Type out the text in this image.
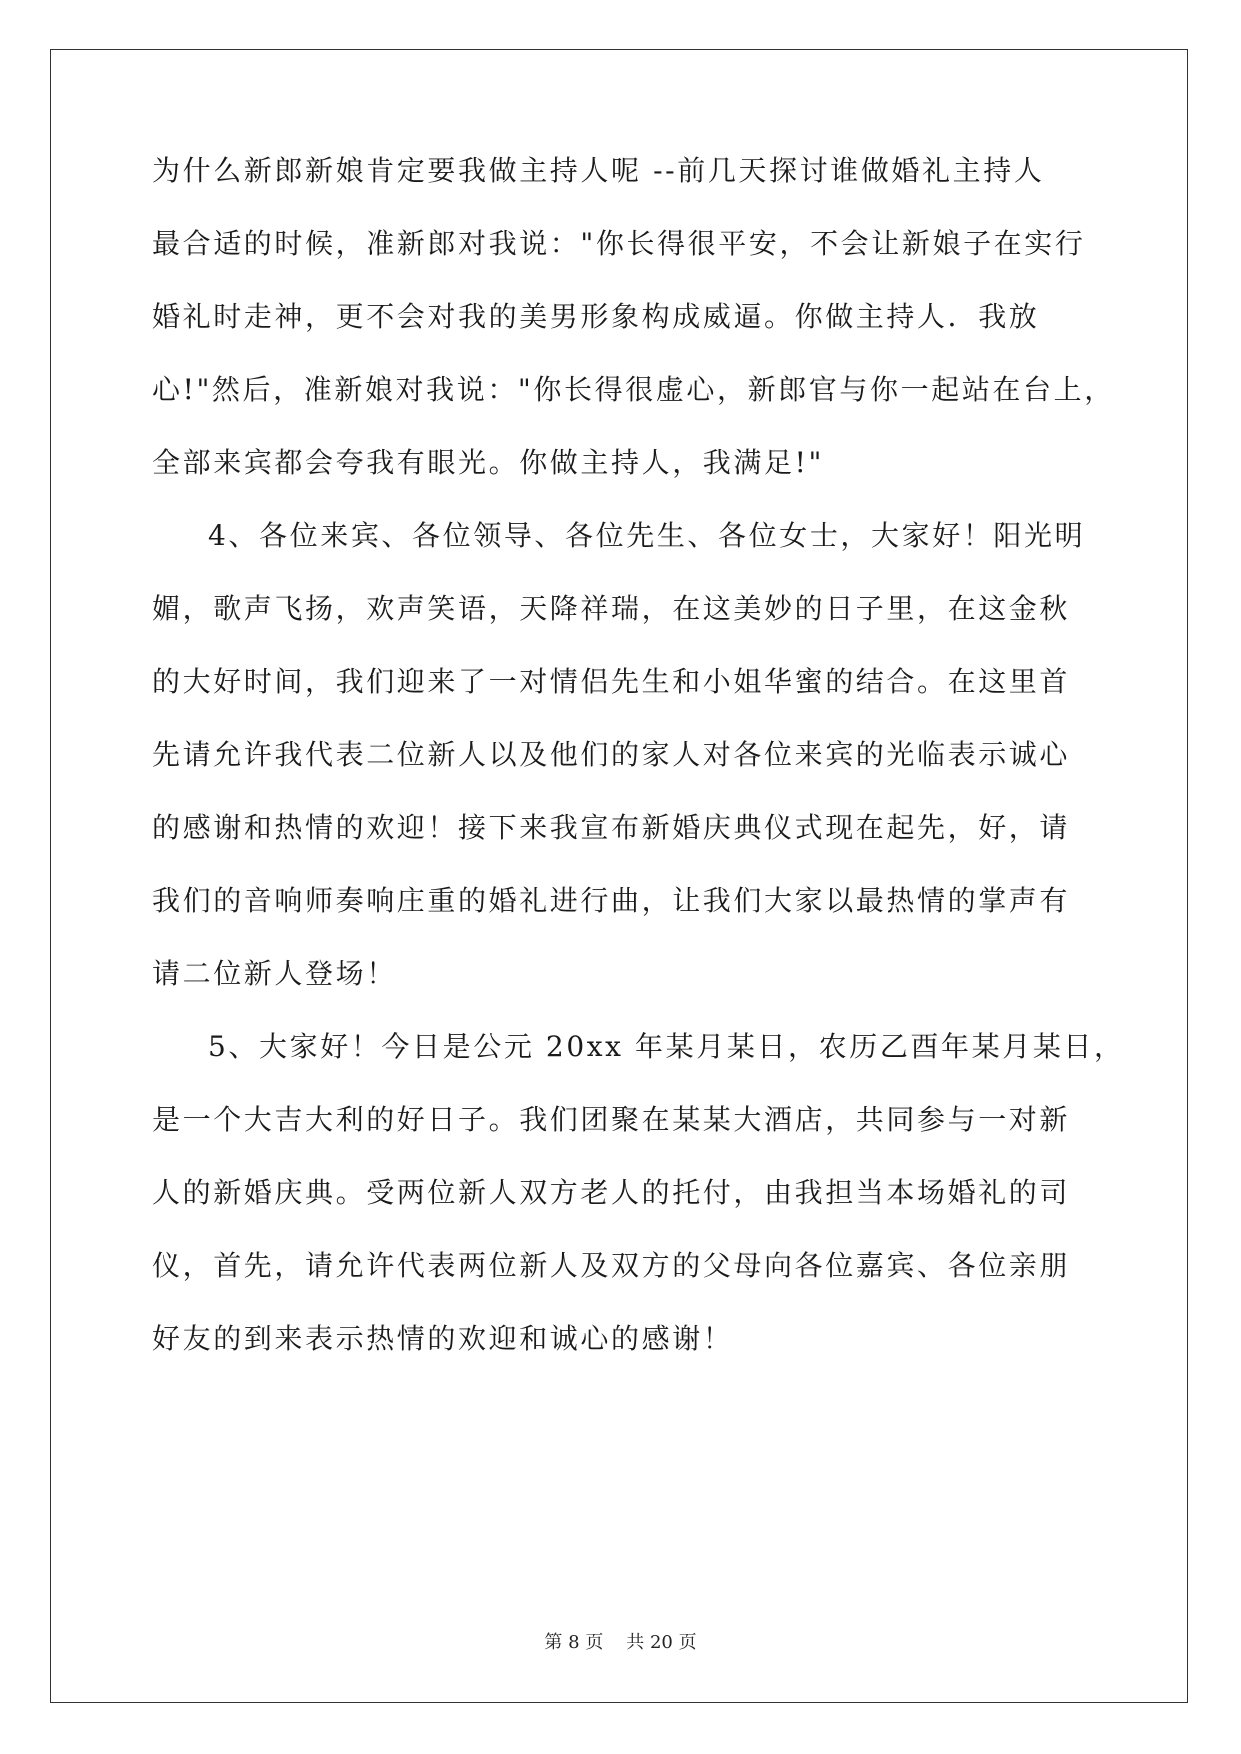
为什么新郎新娘肯定要我做主持人呢 --前几天探讨谁做婚礼主持人

最合适的时候，准新郎对我说："你长得很平安，不会让新娘子在实行

婚礼时走神，更不会对我的美男形象构成威逼。你做主持人．我放

心!"然后，准新娘对我说："你长得很虚心，新郎官与你一起站在台上，

全部来宾都会夸我有眼光。你做主持人，我满足!"

4、各位来宾、各位领导、各位先生、各位女士，大家好！阳光明

媚，歌声飞扬，欢声笑语，天降祥瑞，在这美妙的日子里，在这金秋

的大好时间，我们迎来了一对情侣先生和小姐华蜜的结合。在这里首

先请允许我代表二位新人以及他们的家人对各位来宾的光临表示诚心

的感谢和热情的欢迎！接下来我宣布新婚庆典仪式现在起先，好，请

我们的音响师奏响庄重的婚礼进行曲，让我们大家以最热情的掌声有

请二位新人登场！

5、大家好！今日是公元 20xx 年某月某日，农历乙酉年某月某日，

是一个大吉大利的好日子。我们团聚在某某大酒店，共同参与一对新

人的新婚庆典。受两位新人双方老人的托付，由我担当本场婚礼的司

仪，首先，请允许代表两位新人及双方的父母向各位嘉宾、各位亲朋

好友的到来表示热情的欢迎和诚心的感谢！

第 8 页 共 20 页
